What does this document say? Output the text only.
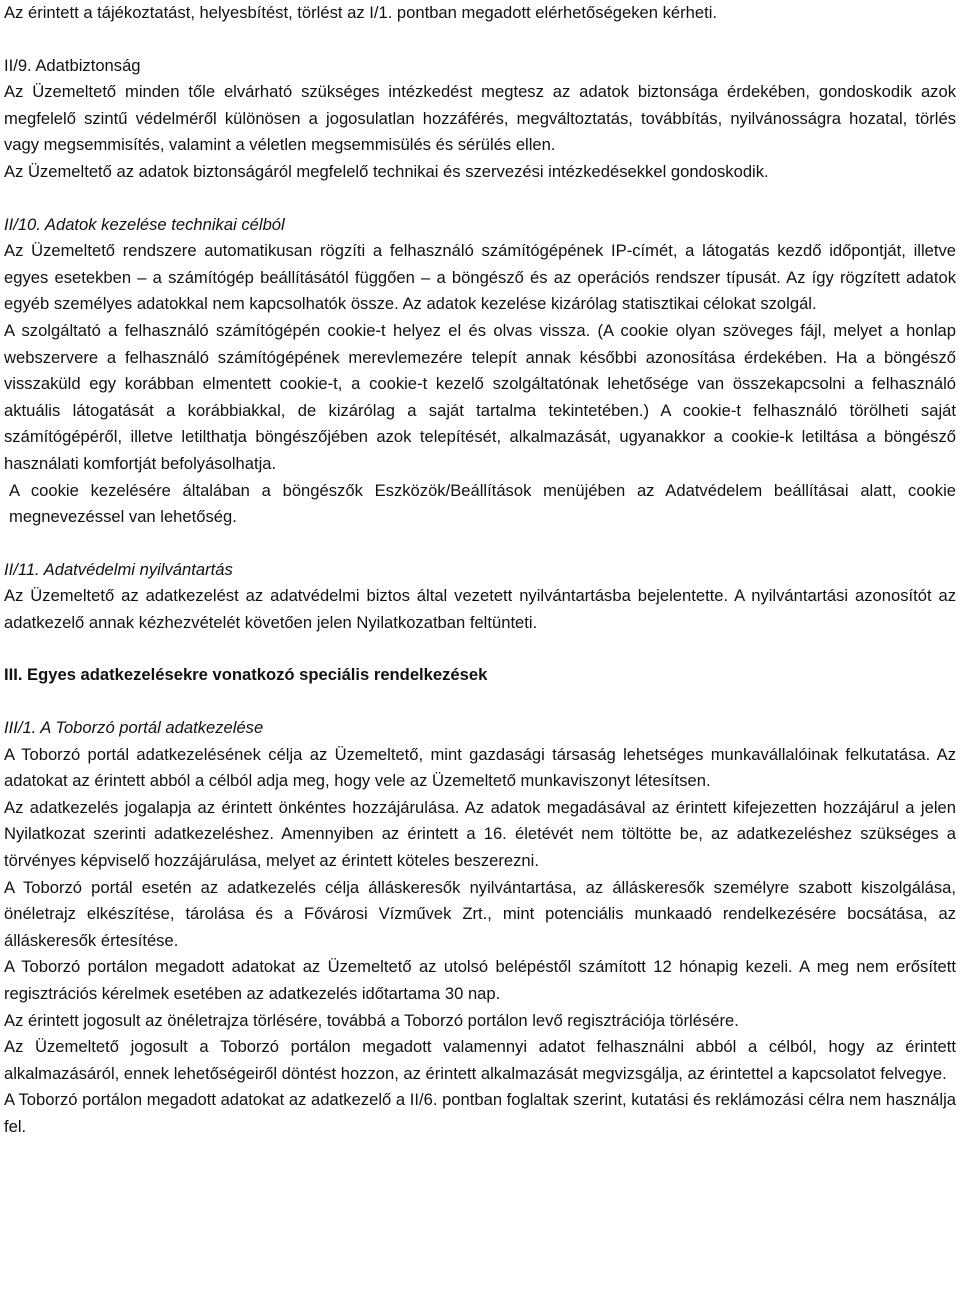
Az érintett a tájékoztatást, helyesbítést, törlést az I/1. pontban megadott elérhetőségeken kérheti.

II/9. Adatbiztonság

Az Üzemeltető minden tőle elvárható szükséges intézkedést megtesz az adatok biztonsága érdekében, gondoskodik azok megfelelő szintű védelméről különösen a jogosulatlan hozzáférés, megváltoztatás, továbbítás, nyilvánosságra hozatal, törlés vagy megsemmisítés, valamint a véletlen megsemmisülés és sérülés ellen.

Az Üzemeltető az adatok biztonságáról megfelelő technikai és szervezési intézkedésekkel gondoskodik.

II/10. Adatok kezelése technikai célból

Az Üzemeltető rendszere automatikusan rögzíti a felhasználó számítógépének IP-címét, a látogatás kezdő időpontját, illetve egyes esetekben – a számítógép beállításától függően – a böngésző és az operációs rendszer típusát. Az így rögzített adatok egyéb személyes adatokkal nem kapcsolhatók össze. Az adatok kezelése kizárólag statisztikai célokat szolgál.

A szolgáltató a felhasználó számítógépén cookie-t helyez el és olvas vissza. (A cookie olyan szöveges fájl, melyet a honlap webszervere a felhasználó számítógépének merevlemezére telepít annak későbbi azonosítása érdekében. Ha a böngésző visszaküld egy korábban elmentett cookie-t, a cookie-t kezelő szolgáltatónak lehetősége van összekapcsolni a felhasználó aktuális látogatását a korábbiakkal, de kizárólag a saját tartalma tekintetében.) A cookie-t felhasználó törölheti saját számítógépéről, illetve letilthatja böngészőjében azok telepítését, alkalmazását, ugyanakkor a cookie-k letiltása a böngésző használati komfortját befolyásolhatja.

A cookie kezelésére általában a böngészők Eszközök/Beállítások menüjében az Adatvédelem beállításai alatt, cookie megnevezéssel van lehetőség.

II/11. Adatvédelmi nyilvántartás

Az Üzemeltető az adatkezelést az adatvédelmi biztos által vezetett nyilvántartásba bejelentette. A nyilvántartási azonosítót az adatkezelő annak kézhezvételét követően jelen Nyilatkozatban feltünteti.

III. Egyes adatkezelésekre vonatkozó speciális rendelkezések

III/1. A Toborzó portál adatkezelése

A Toborzó portál adatkezelésének célja az Üzemeltető, mint gazdasági társaság lehetséges munkavállalóinak felkutatása. Az adatokat az érintett abból a célból adja meg, hogy vele az Üzemeltető munkaviszonyt létesítsen.

Az adatkezelés jogalapja az érintett önkéntes hozzájárulása. Az adatok megadásával az érintett kifejezetten hozzájárul a jelen Nyilatkozat szerinti adatkezeléshez. Amennyiben az érintett a 16. életévét nem töltötte be, az adatkezeléshez szükséges a törvényes képviselő hozzájárulása, melyet az érintett köteles beszerezni.

A Toborzó portál esetén az adatkezelés célja álláskeresők nyilvántartása, az álláskeresők személyre szabott kiszolgálása, önéletrajz elkészítése, tárolása és a Fővárosi Vízművek Zrt., mint potenciális munkaadó rendelkezésére bocsátása, az álláskeresők értesítése.

A Toborzó portálon megadott adatokat az Üzemeltető az utolsó belépéstől számított 12 hónapig kezeli. A meg nem erősített regisztrációs kérelmek esetében az adatkezelés időtartama 30 nap.

Az érintett jogosult az önéletrajza törlésére, továbbá a Toborzó portálon levő regisztrációja törlésére.

Az Üzemeltető jogosult a Toborzó portálon megadott valamennyi adatot felhasználni abból a célból, hogy az érintett alkalmazásáról, ennek lehetőségeiről döntést hozzon, az érintett alkalmazását megvizsgálja, az érintettel a kapcsolatot felvegye.

A Toborzó portálon megadott adatokat az adatkezelő a II/6. pontban foglaltak szerint, kutatási és reklámozási célra nem használja fel.
